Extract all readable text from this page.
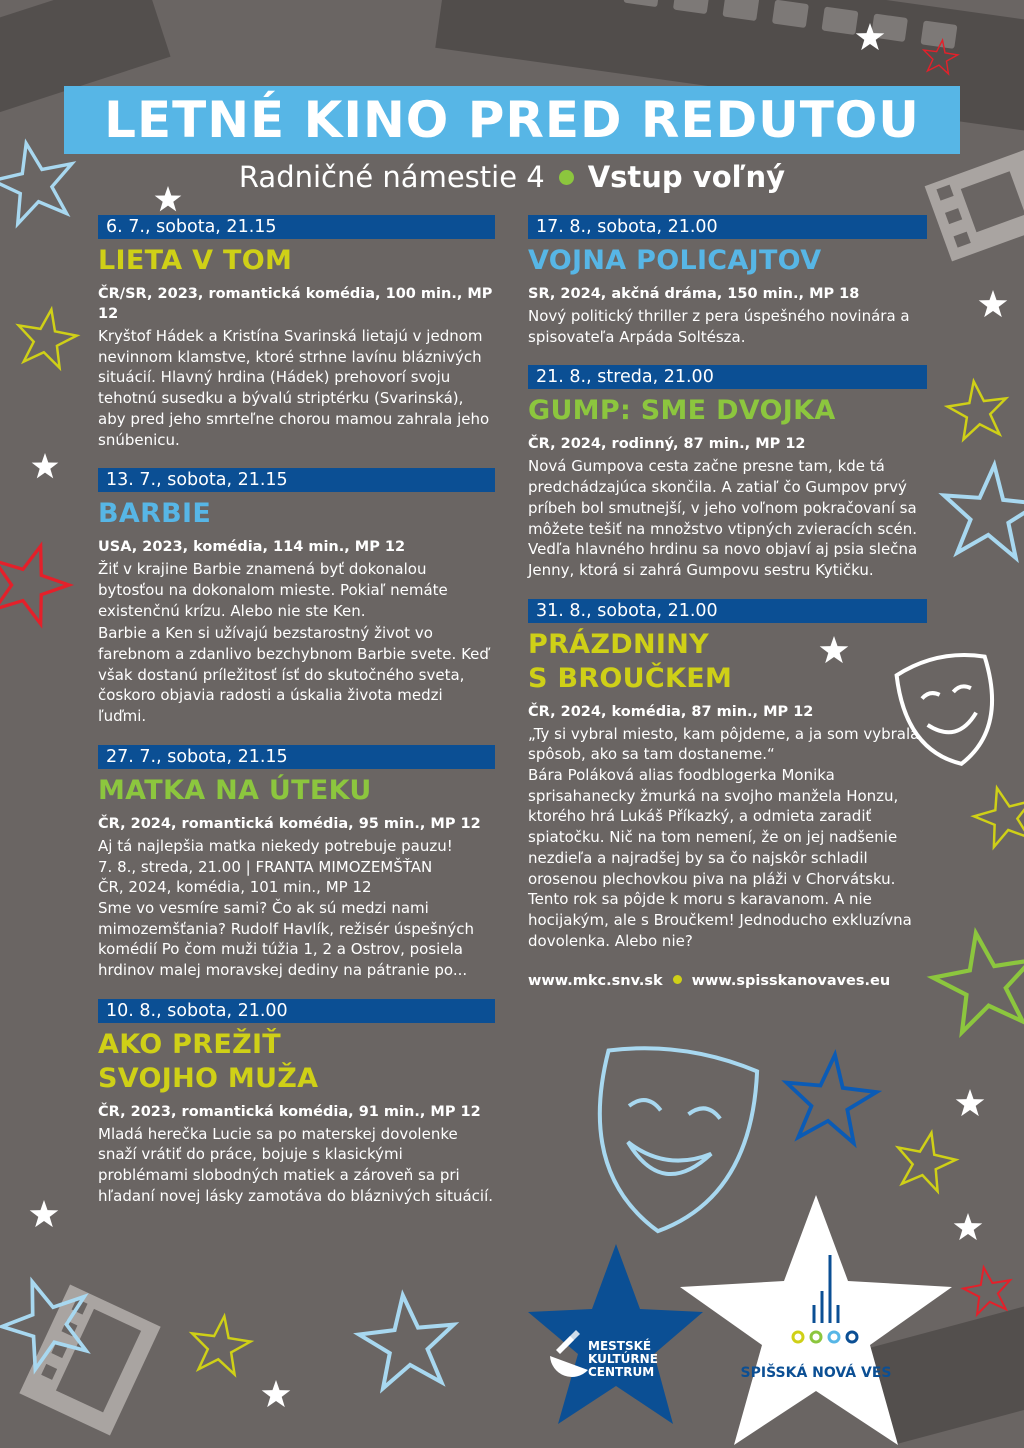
LETNÉ KINO PRED REDUTOU
Radničné námestie 4 Vstup voľný
6. 7., sobota, 21.15
LIETA V TOM
ČR/SR, 2023, romantická komédia, 100 min., MP 12

Kryštof Hádek a Kristína Svarinská lietajú v jednom nevinnom klamstve, ktoré strhne lavínu bláznivých situácií. Hlavný hrdina (Hádek) prehovorí svoju tehotnú susedku a bývalú striptérku (Svarinská), aby pred jeho smrteľne chorou mamou zahrala jeho snúbenicu.

13. 7., sobota, 21.15
BARBIE
USA, 2023, komédia, 114 min., MP 12

Žiť v krajine Barbie znamená byť dokonalou bytosťou na dokonalom mieste. Pokiaľ nemáte existenčnú krízu. Alebo nie ste Ken.

Barbie a Ken si užívajú bezstarostný život vo farebnom a zdanlivo bezchybnom Barbie svete. Keď však dostanú príležitosť ísť do skutočného sveta, čoskoro objavia radosti a úskalia života medzi ľuďmi.

27. 7., sobota, 21.15
MATKA NA ÚTEKU
ČR, 2024, romantická komédia, 95 min., MP 12

Aj tá najlepšia matka niekedy potrebuje pauzu!

7. 8., streda, 21.00 | FRANTA MIMOZEMŠŤAN

ČR, 2024, komédia, 101 min., MP 12

Sme vo vesmíre sami? Čo ak sú medzi nami mimozemšťania? Rudolf Havlík, režisér úspešných komédií Po čom muži túžia 1, 2 a Ostrov, posiela hrdinov malej moravskej dediny na pátranie po...

10. 8., sobota, 21.00
AKO PREŽIŤ
SVOJHO MUŽA
ČR, 2023, romantická komédia, 91 min., MP 12

Mladá herečka Lucie sa po materskej dovolenke snaží vrátiť do práce, bojuje s klasickými problémami slobodných matiek a zároveň sa pri hľadaní novej lásky zamotáva do bláznivých situácií.

17. 8., sobota, 21.00
VOJNA POLICAJTOV
SR, 2024, akčná dráma, 150 min., MP 18

Nový politický thriller z pera úspešného novinára a spisovateľa Arpáda Soltésza.

21. 8., streda, 21.00
GUMP: SME DVOJKA
ČR, 2024, rodinný, 87 min., MP 12

Nová Gumpova cesta začne presne tam, kde tá predchádzajúca skončila. A zatiaľ čo Gumpov prvý príbeh bol smutnejší, v jeho voľnom pokračovaní sa môžete tešiť na množstvo vtipných zvieracích scén. Vedľa hlavného hrdinu sa novo objaví aj psia slečna Jenny, ktorá si zahrá Gumpovu sestru Kytičku.

31. 8., sobota, 21.00
PRÁZDNINY
S BROUČKEM
ČR, 2024, komédia, 87 min., MP 12

„Ty si vybral miesto, kam pôjdeme, a ja som vybrala spôsob, ako sa tam dostaneme.“

Bára Poláková alias foodblogerka Monika sprisahanecky žmurká na svojho manžela Honzu, ktorého hrá Lukáš Příkazký, a odmieta zaradiť spiatočku. Nič na tom nemení, že on jej nadšenie nezdieľa a najradšej by sa čo najskôr schladil orosenou plechovkou piva na pláži v Chorvátsku. Tento rok sa pôjde k moru s karavanom. A nie hocijakým, ale s Broučkem! Jednoducho exkluzívna dovolenka. Alebo nie?

www.mkc.snv.sk www.spisskanovaves.eu
MESTSKÉ
KULTÚRNE
CENTRUM	SPIŠSKÁ NOVÁ VES
